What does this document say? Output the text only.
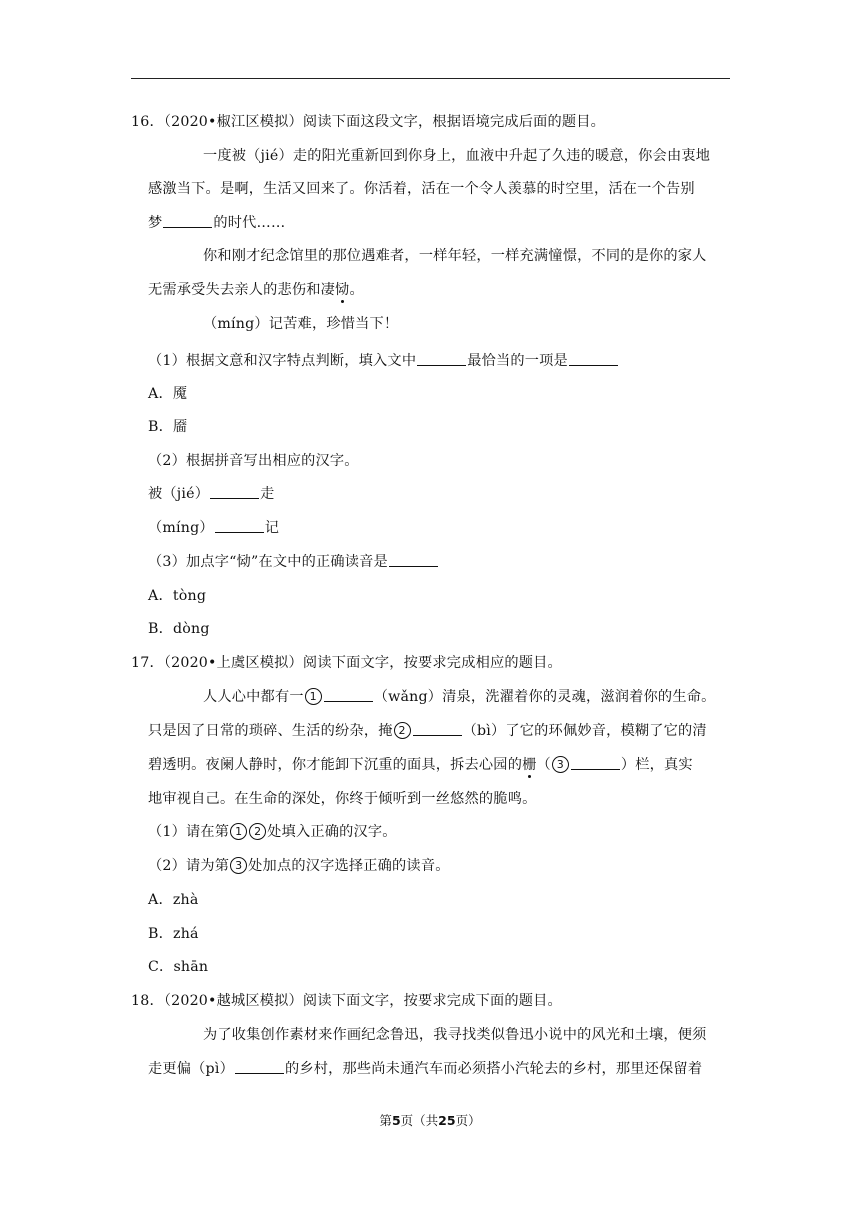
16．（2020•椒江区模拟）阅读下面这段文字，根据语境完成后面的题目。
一度被（jié）走的阳光重新回到你身上，血液中升起了久违的暖意，你会由衷地
感激当下。是啊，生活又回来了。你活着，活在一个令人羡慕的时空里，活在一个告别
梦	的时代……
你和刚才纪念馆里的那位遇难者，一样年轻，一样充满憧憬，不同的是你的家人
无需承受失去亲人的悲伤和凄恸。
（míng）记苦难，珍惜当下！
（1）根据文意和汉字特点判断，填入文中	最恰当的一项是
A．魇
B．靥
（2）根据拼音写出相应的汉字。
被（jié）	走
（míng）	记
（3）加点字“恸”在文中的正确读音是
A．tòng
B．dòng
17．（2020•上虞区模拟）阅读下面文字，按要求完成相应的题目。
人人心中都有一 1	（wǎng）清泉，洗濯着你的灵魂，滋润着你的生命。
只是因了日常的琐碎、生活的纷杂，掩 2	（bì）了它的环佩妙音，模糊了它的清
碧透明。夜阑人静时，你才能卸下沉重的面具，拆去心园的栅（ 3	）栏，真实
地审视自己。在生命的深处，你终于倾听到一丝悠然的脆鸣。
（1）请在第 1 2 处填入正确的汉字。
（2）请为第 3 处加点的汉字选择正确的读音。
A．zhà
B．zhá
C．shān
18．（2020•越城区模拟）阅读下面文字，按要求完成下面的题目。
为了收集创作素材来作画纪念鲁迅，我寻找类似鲁迅小说中的风光和土壤，便须
走更偏（pì）	的乡村，那些尚未通汽车而必须搭小汽轮去的乡村，那里还保留着
第5页（共25页）
